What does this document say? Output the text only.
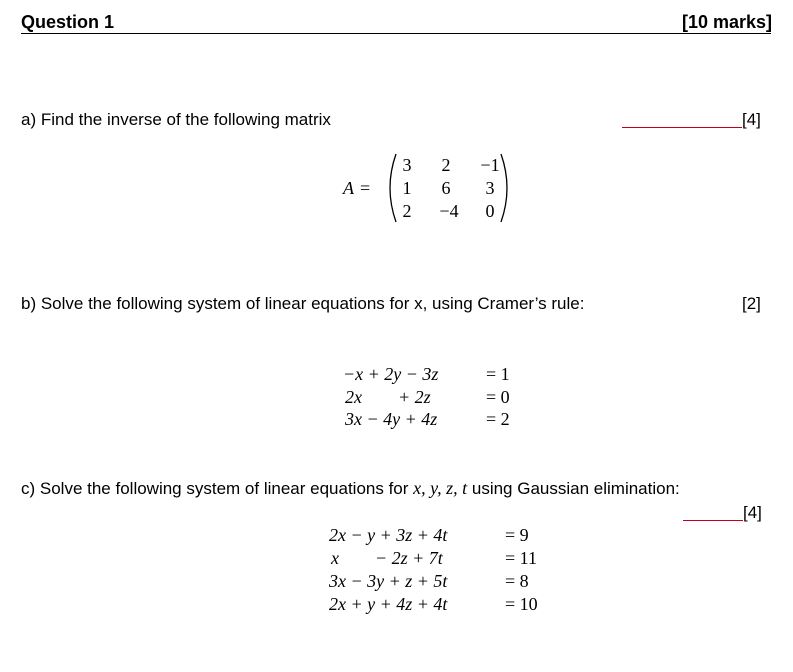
Question 1	[10 marks]
a) Find the inverse of the following matrix	[4]
A =
3	2	−1
1	6	3
2	−4	0
b) Solve the following system of linear equations for x, using Cramer’s rule:	[2]
−x + 2y − 3z	= 1
2x        + 2z	= 0
3x − 4y + 4z	= 2
c) Solve the following system of linear equations for x, y, z, t using Gaussian elimination:
[4]
2x − y + 3z + 4t	= 9
x        − 2z + 7t	= 11
3x − 3y + z + 5t	= 8
2x + y + 4z + 4t	= 10
